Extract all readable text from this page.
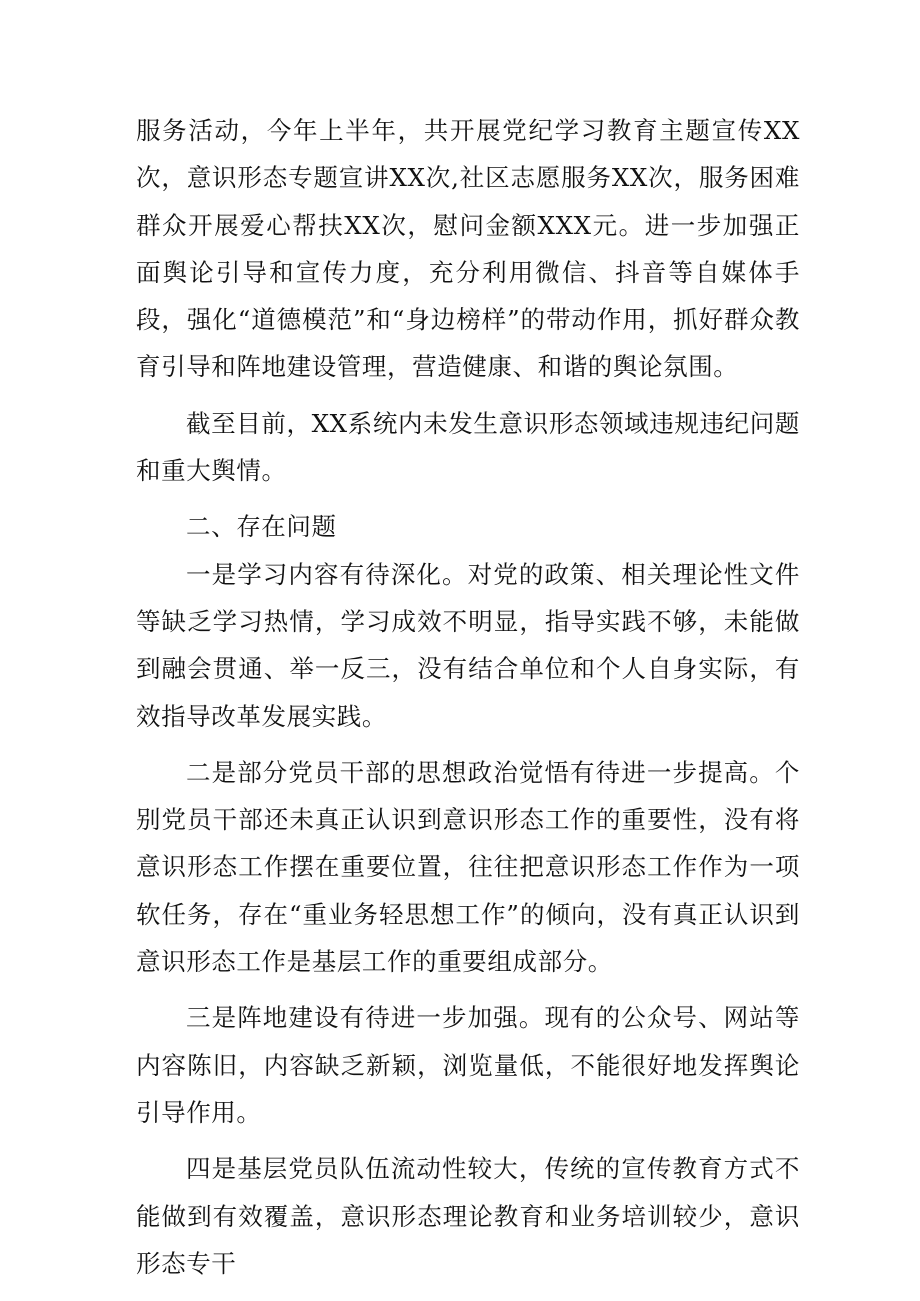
服务活动，今年上半年，共开展党纪学习教育主题宣传XX次，意识形态专题宣讲XX次,社区志愿服务XX次，服务困难群众开展爱心帮扶XX次，慰问金额XXX元。进一步加强正面舆论引导和宣传力度，充分利用微信、抖音等自媒体手段，强化“道德模范”和“身边榜样”的带动作用，抓好群众教育引导和阵地建设管理，营造健康、和谐的舆论氛围。

截至目前，XX系统内未发生意识形态领域违规违纪问题和重大舆情。

二、存在问题

一是学习内容有待深化。对党的政策、相关理论性文件等缺乏学习热情，学习成效不明显，指导实践不够，未能做到融会贯通、举一反三，没有结合单位和个人自身实际，有效指导改革发展实践。

二是部分党员干部的思想政治觉悟有待进一步提高。个别党员干部还未真正认识到意识形态工作的重要性，没有将意识形态工作摆在重要位置，往往把意识形态工作作为一项软任务，存在“重业务轻思想工作”的倾向，没有真正认识到意识形态工作是基层工作的重要组成部分。

三是阵地建设有待进一步加强。现有的公众号、网站等内容陈旧，内容缺乏新颖，浏览量低，不能很好地发挥舆论引导作用。

四是基层党员队伍流动性较大，传统的宣传教育方式不能做到有效覆盖，意识形态理论教育和业务培训较少，意识形态专干
